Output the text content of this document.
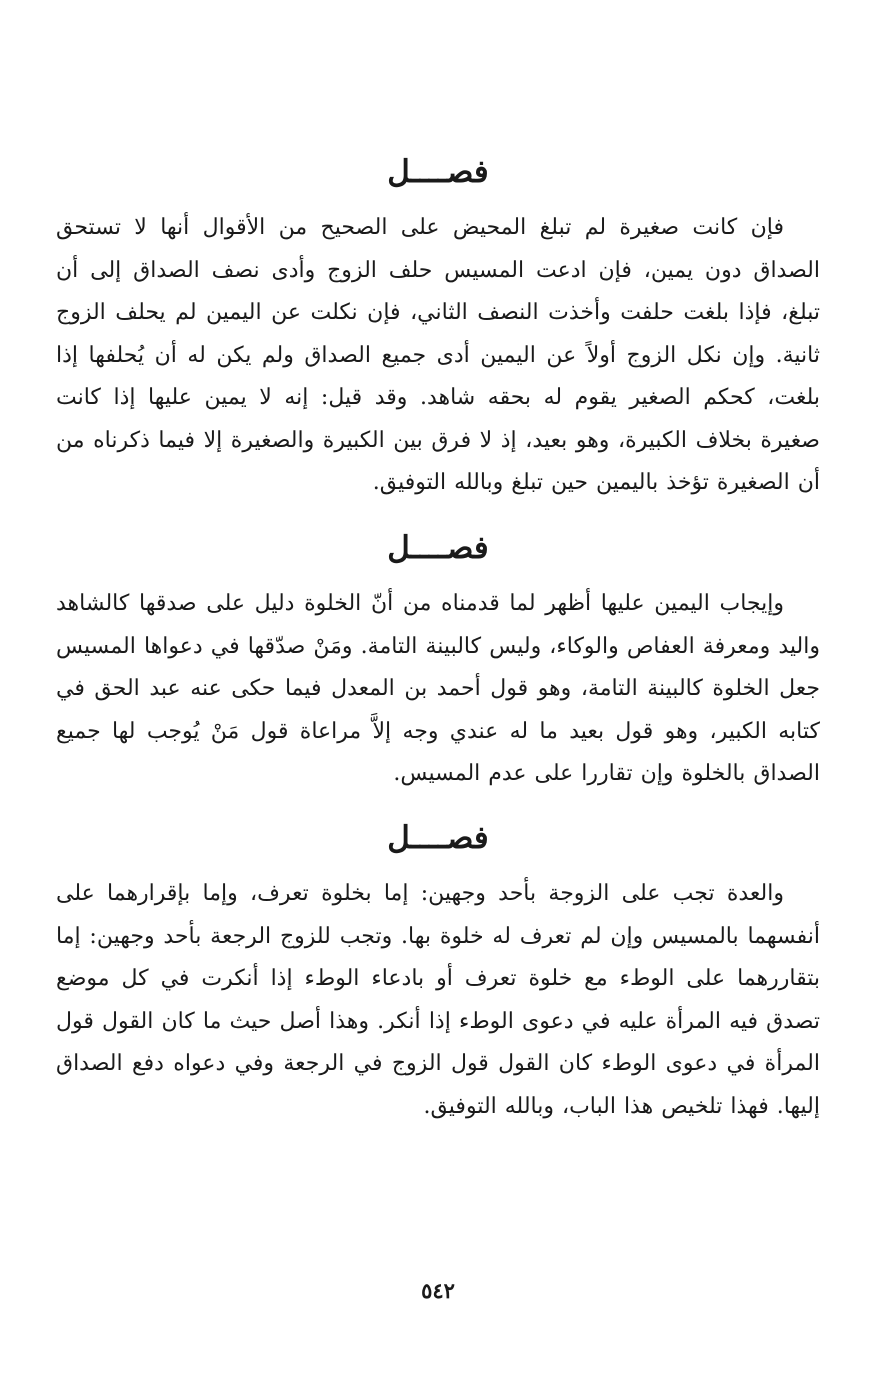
فصــــل

فإن كانت صغيرة لم تبلغ المحيض على الصحيح من الأقوال أنها لا تستحق الصداق دون يمين، فإن ادعت المسيس حلف الزوج وأدى نصف الصداق إلى أن تبلغ، فإذا بلغت حلفت وأخذت النصف الثاني، فإن نكلت عن اليمين لم يحلف الزوج ثانية. وإن نكل الزوج أولاً عن اليمين أدى جميع الصداق ولم يكن له أن يُحلفها إذا بلغت، كحكم الصغير يقوم له بحقه شاهد. وقد قيل: إنه لا يمين عليها إذا كانت صغيرة بخلاف الكبيرة، وهو بعيد، إذ لا فرق بين الكبيرة والصغيرة إلا فيما ذكرناه من أن الصغيرة تؤخذ باليمين حين تبلغ وبالله التوفيق.

فصــــل

وإيجاب اليمين عليها أظهر لما قدمناه من أنّ الخلوة دليل على صدقها كالشاهد واليد ومعرفة العفاص والوكاء، وليس كالبينة التامة. ومَنْ صدّقها في دعواها المسيس جعل الخلوة كالبينة التامة، وهو قول أحمد بن المعدل فيما حكى عنه عبد الحق في كتابه الكبير، وهو قول بعيد ما له عندي وجه إلاَّ مراعاة قول مَنْ يُوجب لها جميع الصداق بالخلوة وإن تقاررا على عدم المسيس.

فصــــل

والعدة تجب على الزوجة بأحد وجهين: إما بخلوة تعرف، وإما بإقرارهما على أنفسهما بالمسيس وإن لم تعرف له خلوة بها. وتجب للزوج الرجعة بأحد وجهين: إما بتقاررهما على الوطء مع خلوة تعرف أو بادعاء الوطء إذا أنكرت في كل موضع تصدق فيه المرأة عليه في دعوى الوطء إذا أنكر. وهذا أصل حيث ما كان القول قول المرأة في دعوى الوطء كان القول قول الزوج في الرجعة وفي دعواه دفع الصداق إليها. فهذا تلخيص هذا الباب، وبالله التوفيق.

٥٤٢
